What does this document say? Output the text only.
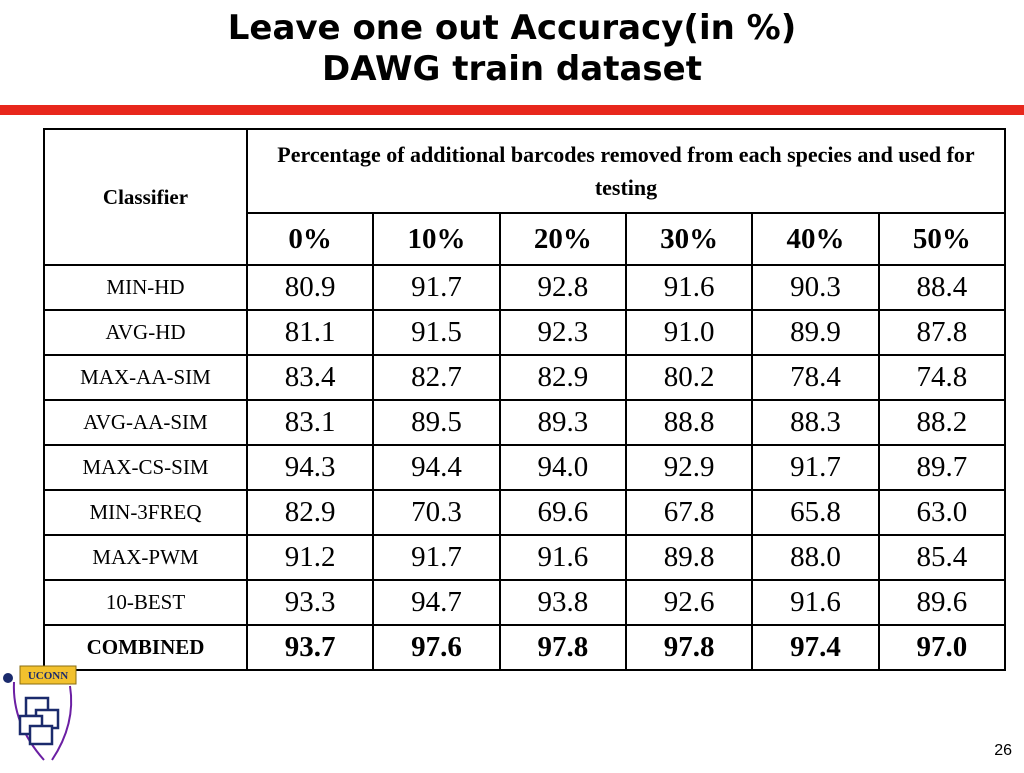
Leave one out Accuracy(in %)
DAWG train dataset
Classifier	Percentage of additional barcodes removed from each species and used for testing					
	0%	10%	20%	30%	40%	50%
MIN-HD	80.9	91.7	92.8	91.6	90.3	88.4
AVG-HD	81.1	91.5	92.3	91.0	89.9	87.8
MAX-AA-SIM	83.4	82.7	82.9	80.2	78.4	74.8
AVG-AA-SIM	83.1	89.5	89.3	88.8	88.3	88.2
MAX-CS-SIM	94.3	94.4	94.0	92.9	91.7	89.7
MIN-3FREQ	82.9	70.3	69.6	67.8	65.8	63.0
MAX-PWM	91.2	91.7	91.6	89.8	88.0	85.4
10-BEST	93.3	94.7	93.8	92.6	91.6	89.6
COMBINED	93.7	97.6	97.8	97.8	97.4	97.0
UCONN
26
